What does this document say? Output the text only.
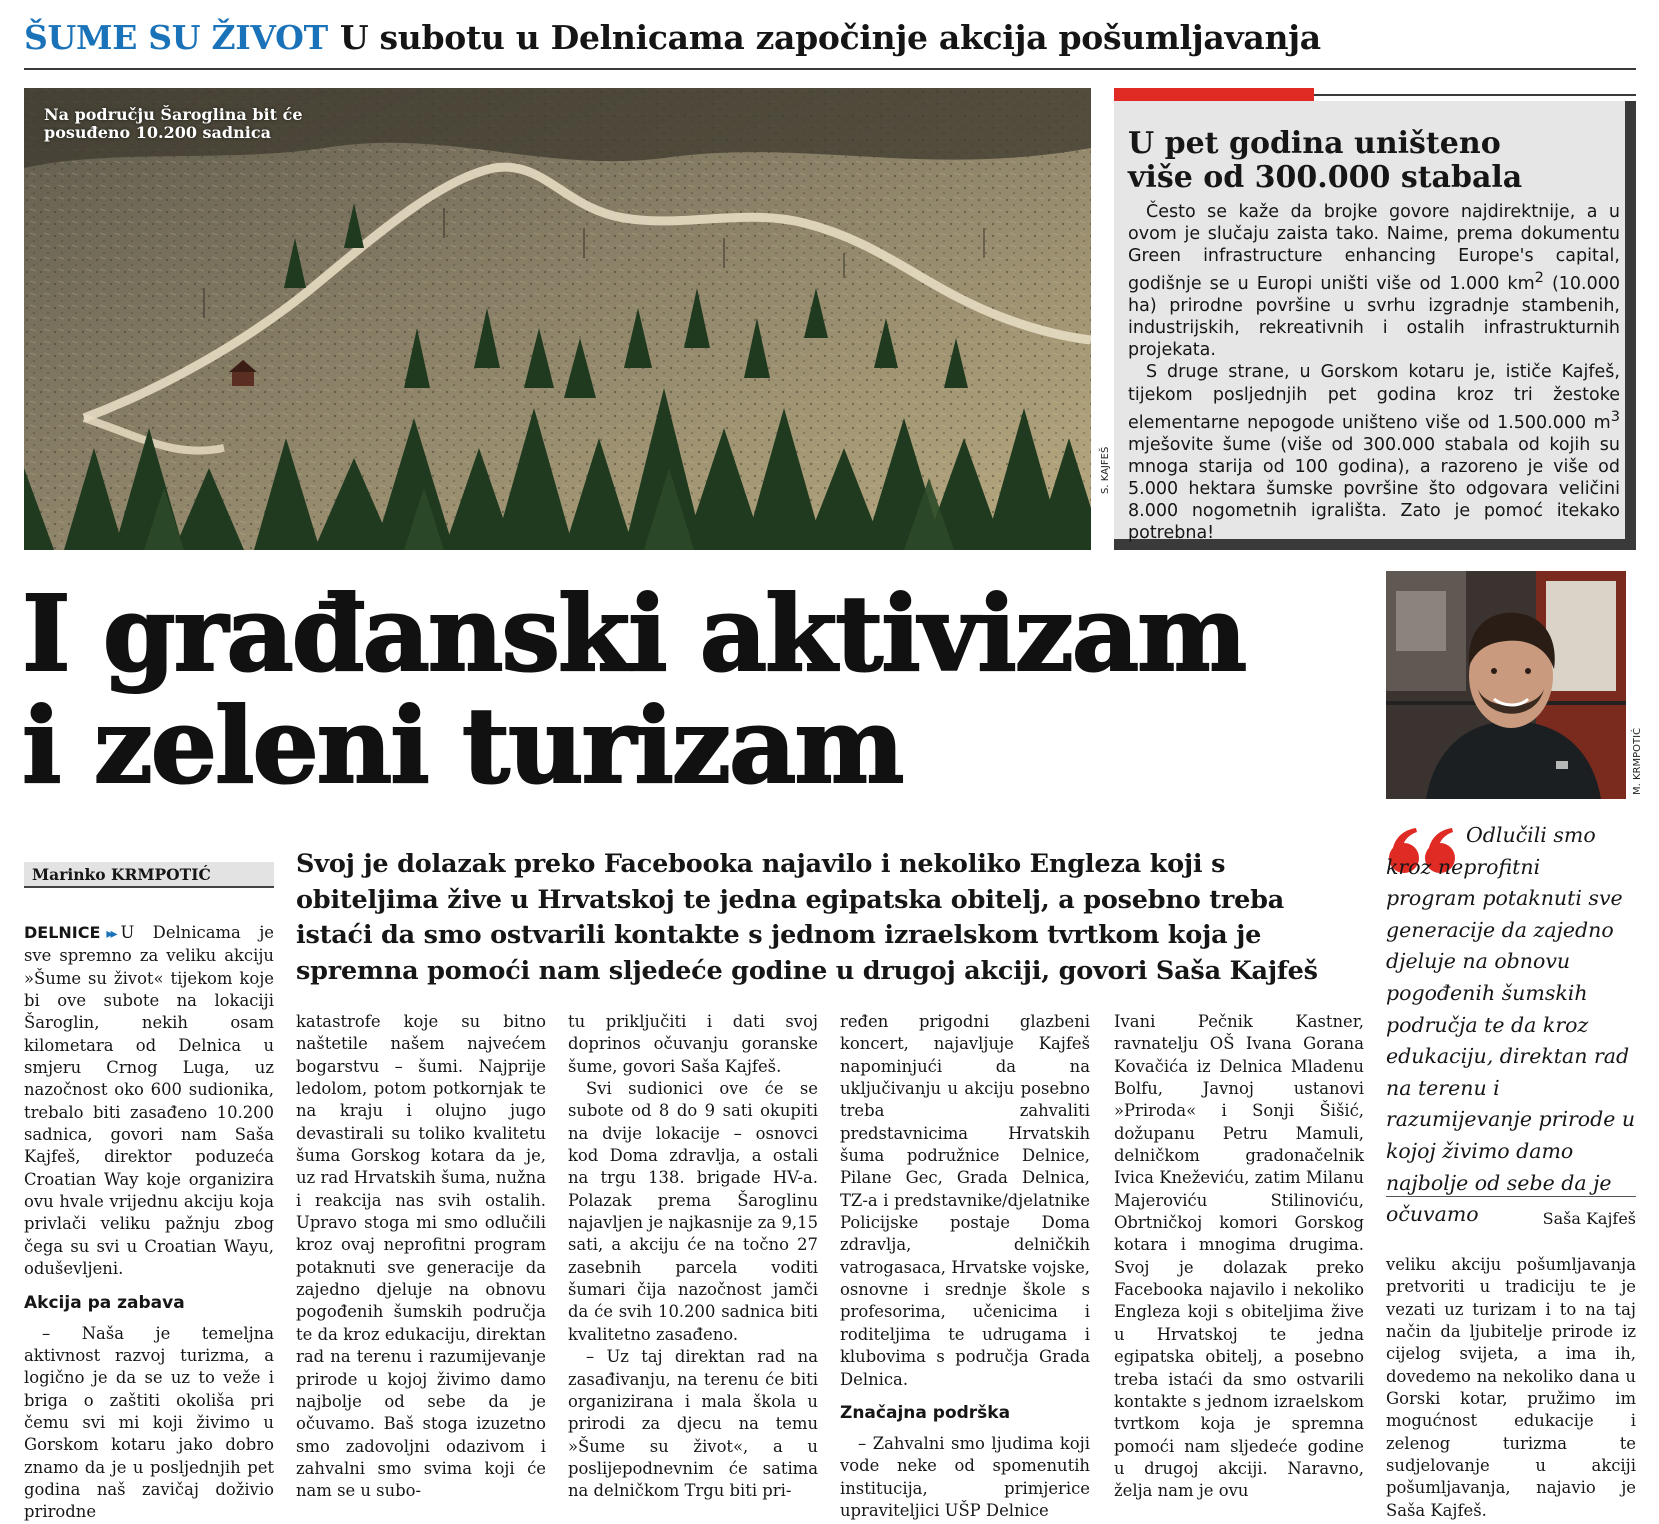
ŠUME SU ŽIVOT U subotu u Delnicama započinje akcija pošumljavanja
Na području Šaroglina bit će
posuđeno 10.200 sadnica
S. KAJFEŠ
U pet godina uništeno
više od 300.000 stabala

Često se kaže da brojke govore najdirektnije, a u ovom je slučaju zaista tako. Naime, prema dokumentu Green infrastructure enhancing Europe's capital, godišnje se u Europi uništi više od 1.000 $km^2$ (10.000 ha) prirodne površine u svrhu izgradnje stambenih, industrijskih, rekreativnih i ostalih infrastrukturnih projekata.

S druge strane, u Gorskom kotaru je, ističe Kajfeš, tijekom posljednjih pet godina kroz tri žestoke elementarne nepogode uništeno više od 1.500.000 $m^3$ mješovite šume (više od 300.000 stabala od kojih su mnoga starija od 100 godina), a razoreno je više od 5.000 hektara šumske površine što odgovara veličini 8.000 nogometnih igrališta. Zato je pomoć itekako potrebna!

I građanski aktivizam
i zeleni turizam	M. KRMPOTIĆ
Marinko KRMPOTIĆ	Svoj je dolazak preko Facebooka najavilo i nekoliko Engleza koji s obiteljima žive u Hrvatskoj te jedna egipatska obitelj, a posebno treba istaći da smo ostvarili kontakte s jednom izraelskom tvrtkom koja je spremna pomoći nam sljedeće godine u drugoj akciji, govori Saša Kajfeš

DELNICE ▸▸ U Delnicama je sve spremno za veliku akciju »Šume su život« tijekom koje bi ove subote na lokaciji Šaroglin, nekih osam kilometara od Delnica u smjeru Crnog Luga, uz nazočnost oko 600 sudionika, trebalo biti zasađeno 10.200 sadnica, govori nam Saša Kajfeš, direktor poduzeća Croatian Way koje organizira ovu hvale vrijednu akciju koja privlači veliku pažnju zbog čega su svi u Croatian Wayu, oduševljeni.

Akcija pa zabava

– Naša je temeljna aktivnost razvoj turizma, a logično je da se uz to veže i briga o zaštiti okoliša pri čemu svi mi koji živimo u Gorskom kotaru jako dobro znamo da je u posljednjih pet godina naš zavičaj doživio prirodne

katastrofe koje su bitno naštetile našem najvećem bogarstvu – šumi. Najprije ledolom, potom potkornjak te na kraju i olujno jugo devastirali su toliko kvalitetu šuma Gorskog kotara da je, uz rad Hrvatskih šuma, nužna i reakcija nas svih ostalih. Upravo stoga mi smo odlučili kroz ovaj neprofitni program potaknuti sve generacije da zajedno djeluje na obnovu pogođenih šumskih područja te da kroz edukaciju, direktan rad na terenu i razumijevanje prirode u kojoj živimo damo najbolje od sebe da je očuvamo. Baš stoga izuzetno smo zadovoljni odazivom i zahvalni smo svima koji će nam se u subo-

tu priključiti i dati svoj doprinos očuvanju goranske šume, govori Saša Kajfeš.

Svi sudionici ove će se subote od 8 do 9 sati okupiti na dvije lokacije – osnovci kod Doma zdravlja, a ostali na trgu 138. brigade HV-a. Polazak prema Šaroglinu najavljen je najkasnije za 9,15 sati, a akciju će na točno 27 zasebnih parcela voditi šumari čija nazočnost jamči da će svih 10.200 sadnica biti kvalitetno zasađeno.

– Uz taj direktan rad na zasađivanju, na terenu će biti organizirana i mala škola u prirodi za djecu na temu »Šume su život«, a u poslijepodnevnim će satima na delničkom Trgu biti pri-

ređen prigodni glazbeni koncert, najavljuje Kajfeš napominjući da na uključivanju u akciju posebno treba zahvaliti predstavnicima Hrvatskih šuma podružnice Delnice, Pilane Gec, Grada Delnica, TZ-a i predstavnike/djelatnike Policijske postaje Doma zdravlja, delničkih vatrogasaca, Hrvatske vojske, osnovne i srednje škole s profesorima, učenicima i roditeljima te udrugama i klubovima s područja Grada Delnica.

Značajna podrška

– Zahvalni smo ljudima koji vode neke od spomenutih institucija, primjerice upraviteljici UŠP Delnice

Ivani Pečnik Kastner, ravnatelju OŠ Ivana Gorana Kovačića iz Delnica Mladenu Bolfu, Javnoj ustanovi »Priroda« i Sonji Šišić, dožupanu Petru Mamuli, delničkom gradonačelnik Ivica Kneževiću, zatim Milanu Majeroviću Stilinoviću, Obrtničkoj komori Gorskog kotara i mnogima drugima. Svoj je dolazak preko Facebooka najavilo i nekoliko Engleza koji s obiteljima žive u Hrvatskoj te jedna egipatska obitelj, a posebno treba istaći da smo ostvarili kontakte s jednom izraelskom tvrtkom koja je spremna pomoći nam sljedeće godine u drugoj akciji. Naravno, želja nam je ovu

veliku akciju pošumljavanja pretvoriti u tradiciju te je vezati uz turizam i to na taj način da ljubitelje prirode iz cijelog svijeta, a ima ih, dovedemo na nekoliko dana u Gorski kotar, pružimo im mogućnost edukacije i zelenog turizma te sudjelovanje u akciji pošumljavanja, najavio je Saša Kajfeš.

Odlučili smo kroz neprofitni program potaknuti sve generacije da zajedno djeluje na obnovu pogođenih šumskih područja te da kroz edukaciju, direktan rad na terenu i razumijevanje prirode u kojoj živimo damo najbolje od sebe da je očuvamo	Saša Kajfeš
